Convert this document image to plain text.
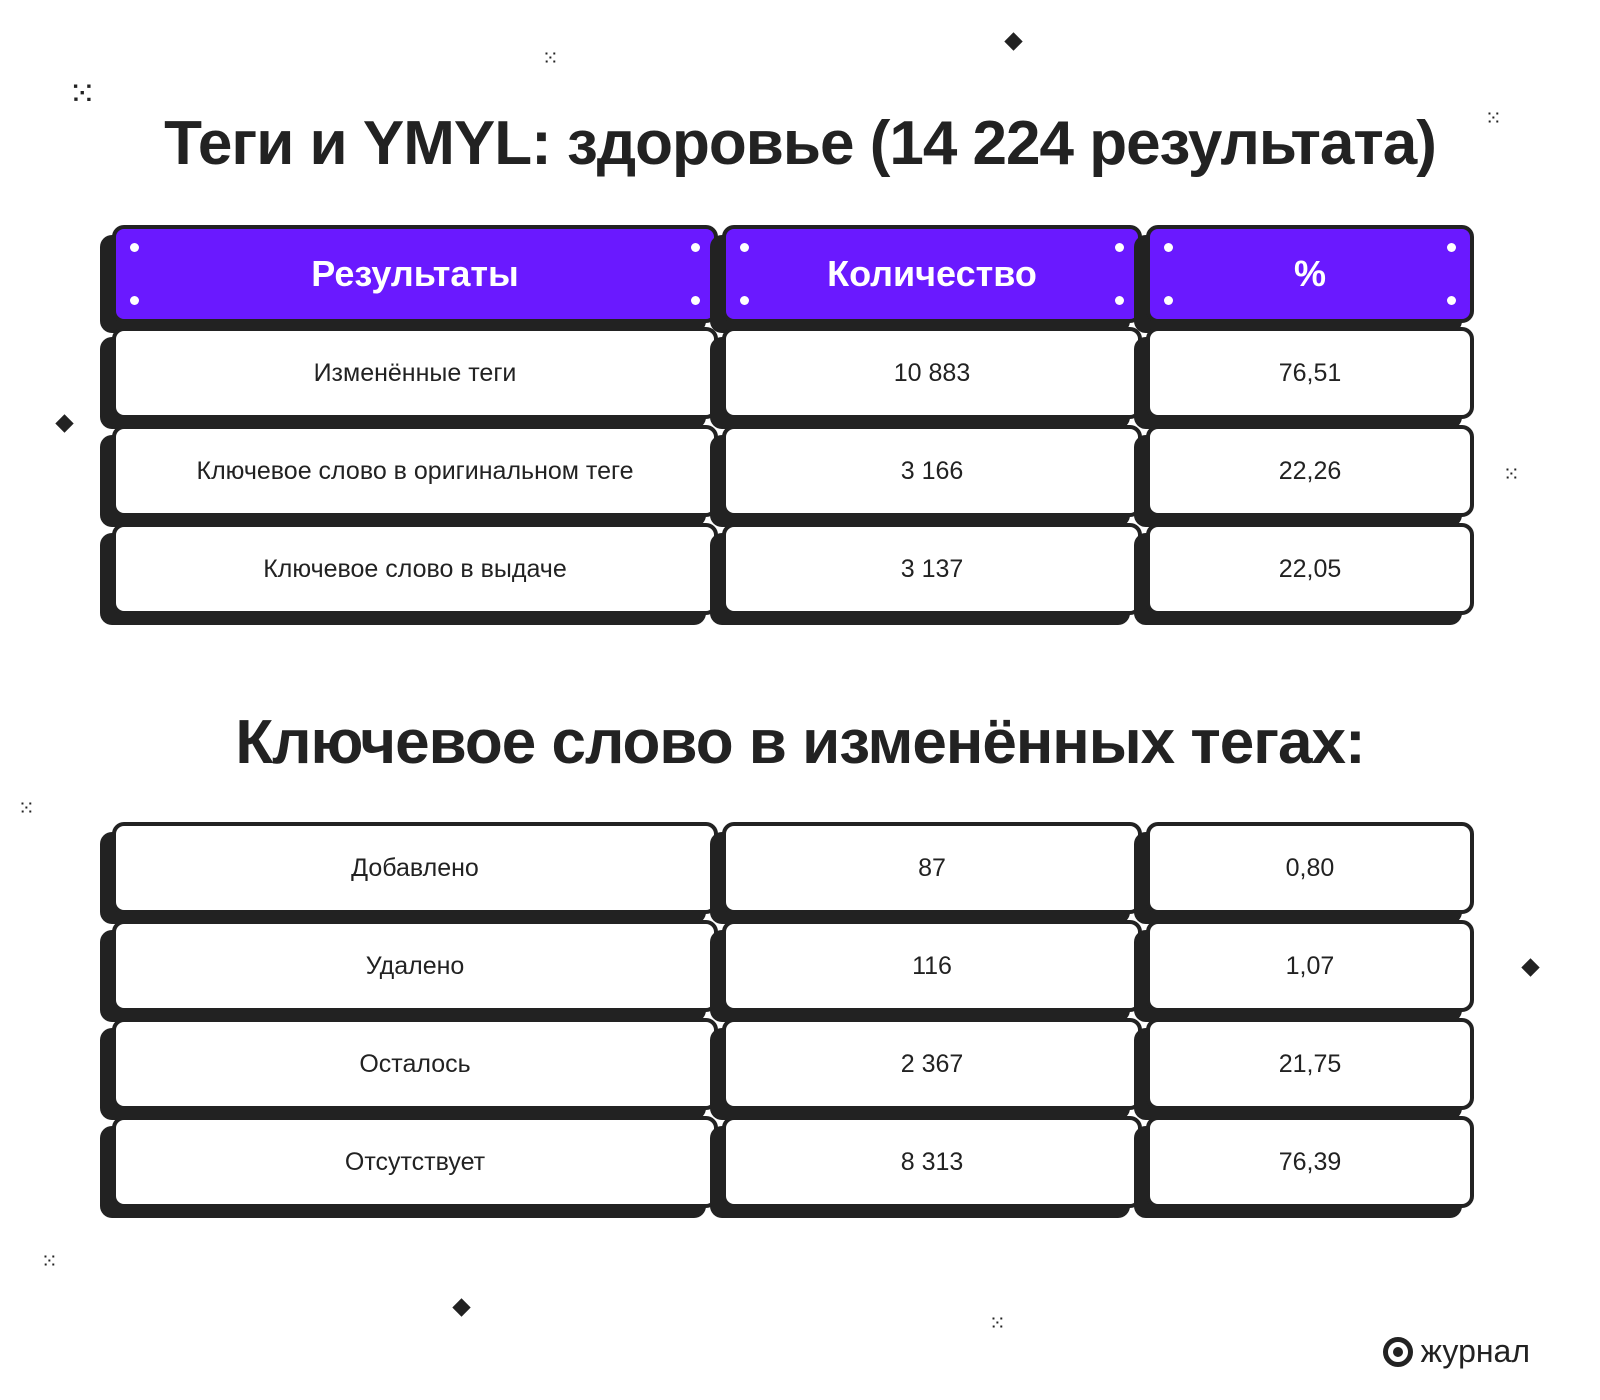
Теги и YMYL: здоровье (14 224 результата)
Результаты	Количество	%
Изменённые теги	10 883	76,51
Ключевое слово в оригинальном теге	3 166	22,26
Ключевое слово в выдаче	3 137	22,05
Ключевое слово в изменённых тегах:
Добавлено	87	0,80
Удалено	116	1,07
Осталось	2 367	21,75
Отсутствует	8 313	76,39
⁙
⁙
⁙
⁙
⁙
⁙
⁙
журнал
